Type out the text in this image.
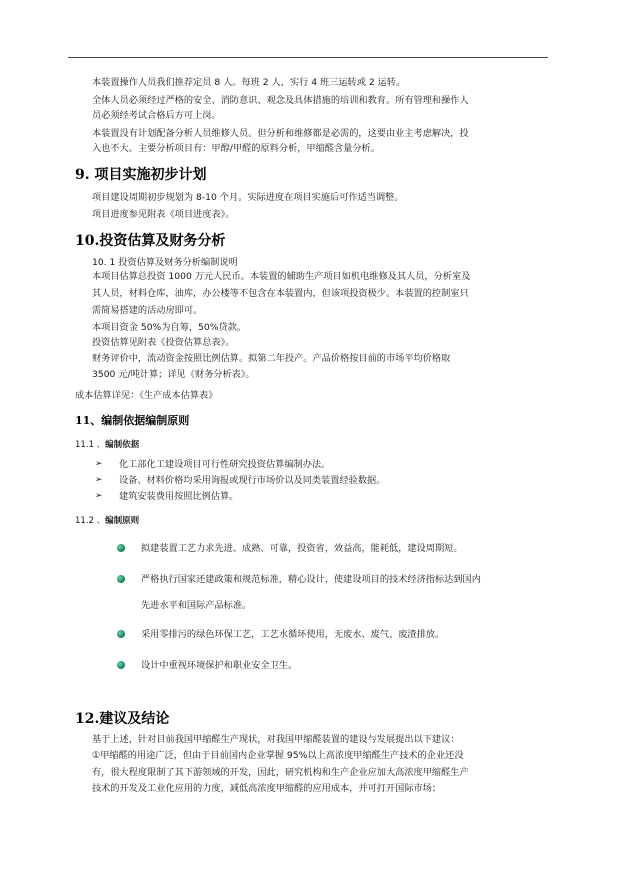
本装置操作人员我们推荐定员 8 人。每班 2 人，实行 4 班三运转或 2 运转。
全体人员必须经过严格的安全、消防意识、观念及具体措施的培训和教育。所有管理和操作人
员必须经考试合格后方可上岗。
本装置没有计划配备分析人员维修人员。但分析和维修都是必需的，这要由业主考虑解决，投
入也不大。主要分析项目有：甲醇/甲醛的原料分析，甲缩醛含量分析。
9. 项目实施初步计划
项目建设周期初步规划为 8-10 个月。实际进度在项目实施后可作适当调整。
项目进度参见附表《项目进度表》。
10.投资估算及财务分析
10. 1 投资估算及财务分析编制说明
本项目估算总投资 1000 万元人民币。本装置的辅助生产项目如机电维修及其人员，分析室及
其人员，材料仓库，油库，办公楼等不包含在本装置内，但该项投资极少。本装置的控制室只
需简易搭建的活动房即可。
本项目资金 50%为自筹，50%贷款。
投资估算见附表《投资估算总表》。
财务评价中，流动资金按照比例估算。拟第二年投产。产品价格按目前的市场平均价格取
3500 元/吨计算；详见《财务分析表》。
成本估算详见：《生产成本估算表》
11、编制依据编制原则
11.1 、编制依据
➢ 化工部化工建设项目可行性研究投资估算编制办法。
➢ 设备、材料价格均采用询报或现行市场价以及同类装置经验数据。
➢ 建筑安装费用按照比例估算。
11.2 、编制原则
拟建装置工艺力求先进、成熟、可靠，投资省，效益高，能耗低，建设周期短。
严格执行国家还建政策和规范标准，精心设计，使建设项目的技术经济指标达到国内
先进水平和国际产品标准。
采用零排污的绿色环保工艺，工艺水循环使用，无废水、废气、废渣排放。
设计中重视环境保护和职业安全卫生。
12.建议及结论
基于上述，针对目前我国甲缩醛生产现状，对我国甲缩醛装置的建设与发展提出以下建议：
①甲缩醛的用途广泛，但由于目前国内企业掌握 95%以上高浓度甲缩醛生产技术的企业还没
有，很大程度限制了其下游领域的开发，因此，研究机构和生产企业应加大高浓度甲缩醛生产
技术的开发及工业化应用的力度，减低高浓度甲缩醛的应用成本，并可打开国际市场；
